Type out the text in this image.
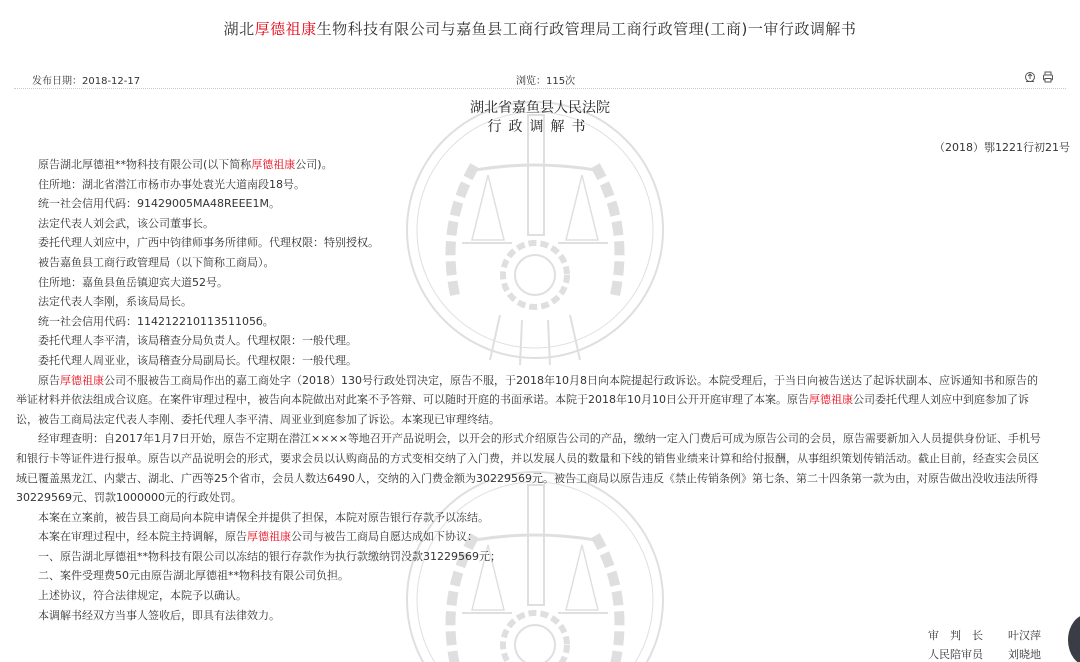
湖北厚德祖康生物科技有限公司与嘉鱼县工商行政管理局工商行政管理(工商)一审行政调解书
发布日期：2018-12-17	浏览：115次
湖北省嘉鱼县人民法院
行政调解书
（2018）鄂1221行初21号

原告湖北厚德祖**物科技有限公司(以下简称厚德祖康公司)。

住所地：湖北省潜江市杨市办事处袁光大道南段18号。

统一社会信用代码：91429005MA48REEE1M。

法定代表人刘会武，该公司董事长。

委托代理人刘应中，广西中钧律师事务所律师。代理权限：特别授权。

被告嘉鱼县工商行政管理局（以下简称工商局）。

住所地：嘉鱼县鱼岳镇迎宾大道52号。

法定代表人李刚，系该局局长。

统一社会信用代码：11421221011351105б。

委托代理人李平清，该局稽查分局负责人。代理权限：一般代理。

委托代理人周亚业，该局稽查分局副局长。代理权限：一般代理。

原告厚德祖康公司不服被告工商局作出的嘉工商处字（2018）130号行政处罚决定，原告不服，于2018年10月8日向本院提起行政诉讼。本院受理后，于当日向被告送达了起诉状副本、应诉通知书和原告的举证材料并依法组成合议庭。在案件审理过程中，被告向本院做出对此案不予答辩、可以随时开庭的书面承诺。本院于2018年10月10日公开开庭审理了本案。原告厚德祖康公司委托代理人刘应中到庭参加了诉讼，被告工商局法定代表人李刚、委托代理人李平清、周亚业到庭参加了诉讼。本案现已审理终结。

经审理查明：自2017年1月7日开始，原告不定期在潜江××××等地召开产品说明会，以开会的形式介绍原告公司的产品，缴纳一定入门费后可成为原告公司的会员，原告需要新加入人员提供身份证、手机号和银行卡等证件进行报单。原告以产品说明会的形式，要求会员以认购商品的方式变相交纳了入门费，并以发展人员的数量和下线的销售业绩来计算和给付报酬，从事组织策划传销活动。截止目前，经查实会员区域已覆盖黑龙江、内蒙古、湖北、广西等25个省市，会员人数达6490人，交纳的入门费金额为30229569元。被告工商局以原告违反《禁止传销条例》第七条、第二十四条第一款为由，对原告做出没收违法所得30229569元、罚款1000000元的行政处罚。

本案在立案前，被告县工商局向本院申请保全并提供了担保，本院对原告银行存款予以冻结。

本案在审理过程中，经本院主持调解，原告厚德祖康公司与被告工商局自愿达成如下协议：

一、原告湖北厚德祖**物科技有限公司以冻结的银行存款作为执行款缴纳罚没款31229569元；

二、案件受理费50元由原告湖北厚德祖**物科技有限公司负担。

上述协议，符合法律规定，本院予以确认。

本调解书经双方当事人签收后，即具有法律效力。

审　判　长	叶汉萍
人民陪审员	刘晓地
